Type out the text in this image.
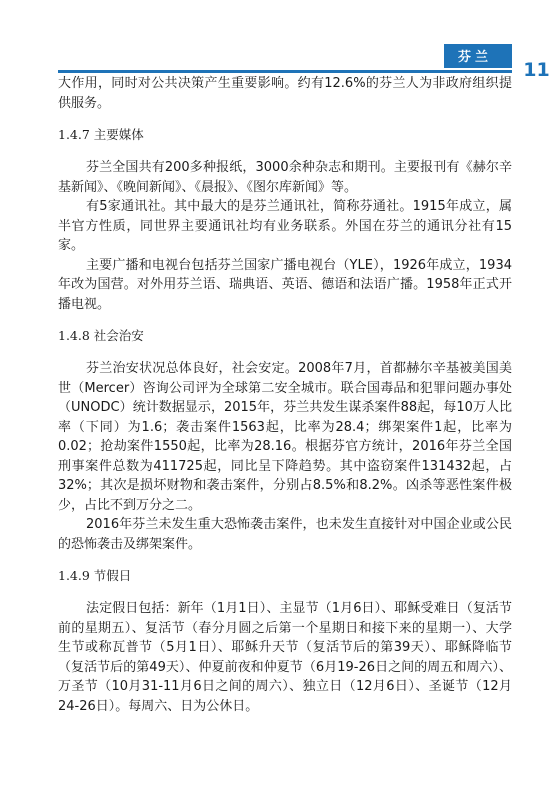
芬兰
11

大作用，同时对公共决策产生重要影响。约有12.6%的芬兰人为非政府组织提供服务。

1.4.7 主要媒体

芬兰全国共有200多种报纸，3000余种杂志和期刊。主要报刊有《赫尔辛基新闻》、《晚间新闻》、《晨报》、《图尔库新闻》等。

有5家通讯社。其中最大的是芬兰通讯社，简称芬通社。1915年成立，属半官方性质，同世界主要通讯社均有业务联系。外国在芬兰的通讯分社有15家。

主要广播和电视台包括芬兰国家广播电视台（YLE），1926年成立，1934年改为国营。对外用芬兰语、瑞典语、英语、德语和法语广播。1958年正式开播电视。

1.4.8 社会治安

芬兰治安状况总体良好，社会安定。2008年7月，首都赫尔辛基被美国美世（Mercer）咨询公司评为全球第二安全城市。联合国毒品和犯罪问题办事处（UNODC）统计数据显示，2015年，芬兰共发生谋杀案件88起，每10万人比率（下同）为1.6；袭击案件1563起，比率为28.4；绑架案件1起，比率为0.02；抢劫案件1550起，比率为28.16。根据芬官方统计，2016年芬兰全国刑事案件总数为411725起，同比呈下降趋势。其中盗窃案件131432起，占32%；其次是损坏财物和袭击案件，分别占8.5%和8.2%。凶杀等恶性案件极少，占比不到万分之二。

2016年芬兰未发生重大恐怖袭击案件，也未发生直接针对中国企业或公民的恐怖袭击及绑架案件。

1.4.9 节假日

法定假日包括：新年（1月1日）、主显节（1月6日）、耶稣受难日（复活节前的星期五）、复活节（春分月圆之后第一个星期日和接下来的星期一）、大学生节或称瓦普节（5月1日）、耶稣升天节（复活节后的第39天）、耶稣降临节（复活节后的第49天）、仲夏前夜和仲夏节（6月19-26日之间的周五和周六）、万圣节（10月31-11月6日之间的周六）、独立日（12月6日）、圣诞节（12月24-26日）。每周六、日为公休日。
